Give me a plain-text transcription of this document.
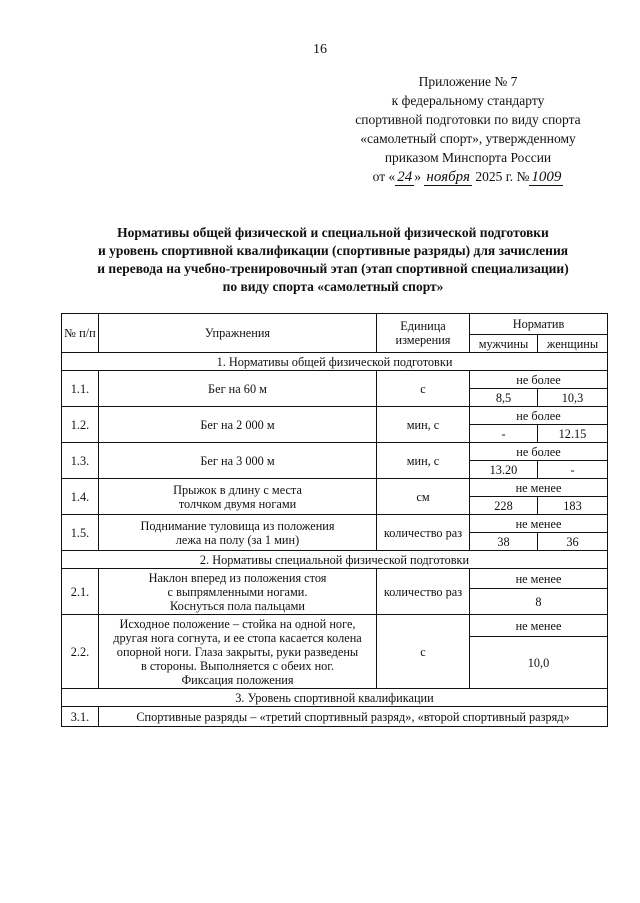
16
Приложение № 7
к федеральному стандарту
спортивной подготовки по виду спорта
«самолетный спорт», утвержденному
приказом Минспорта России
от « 24 » ноября 2025 г. № 1009
Нормативы общей физической и специальной физической подготовки
и уровень спортивной квалификации (спортивные разряды) для зачисления
и перевода на учебно-тренировочный этап (этап спортивной специализации)
по виду спорта «самолетный спорт»
№ п/п	Упражнения	Единица измерения	Норматив	
			мужчины	женщины
1. Нормативы общей физической подготовки				
1.1.	Бег на 60 м	с	не более	
			8,5	10,3
1.2.	Бег на 2 000 м	мин, с	не более	
			-	12.15
1.3.	Бег на 3 000 м	мин, с	не более	
			13.20	-
1.4.	Прыжок в длину с места
толчком двумя ногами	см	не менее	
			228	183
1.5.	Поднимание туловища из положения
лежа на полу (за 1 мин)	количество раз	не менее	
			38	36
2. Нормативы специальной физической подготовки				
2.1.	Наклон вперед из положения стоя
с выпрямленными ногами.
Коснуться пола пальцами	количество раз	не менее	
			8	
2.2.	Исходное положение – стойка на одной ноге,
другая нога согнута, и ее стопа касается колена
опорной ноги. Глаза закрыты, руки разведены
в стороны. Выполняется с обеих ног.
Фиксация положения	с	не менее	
			10,0	
3. Уровень спортивной квалификации				
3.1.	Спортивные разряды – «третий спортивный разряд», «второй спортивный разряд»			
